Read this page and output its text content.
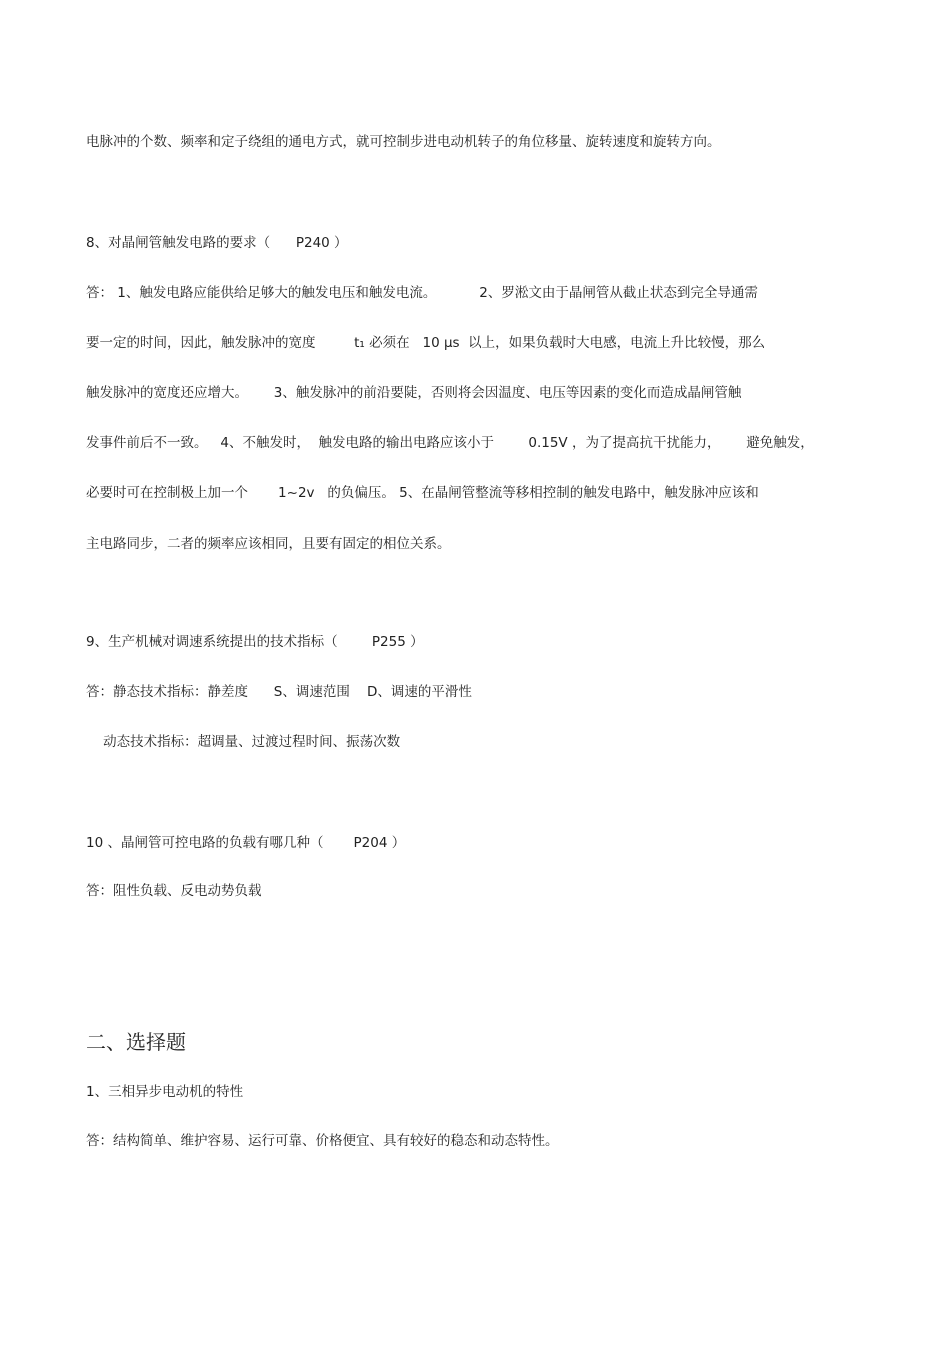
电脉冲的个数、频率和定子绕组的通电方式，就可控制步进电动机转子的角位移量、旋转速度和旋转方向。
8、对晶闸管触发电路的要求（      P240 ）
答： 1、触发电路应能供给足够大的触发电压和触发电流。          2、罗淞文由于晶闸管从截止状态到完全导通需
要一定的时间，因此，触发脉冲的宽度         t₁ 必须在   10 μs  以上，如果负载时大电感，电流上升比较慢，那么
触发脉冲的宽度还应增大。      3、触发脉冲的前沿要陡，否则将会因温度、电压等因素的变化而造成晶闸管触
发事件前后不一致。   4、不触发时，  触发电路的输出电路应该小于        0.15V ，为了提高抗干扰能力，      避免触发，
必要时可在控制极上加一个       1~2v   的负偏压。 5、在晶闸管整流等移相控制的触发电路中，触发脉冲应该和
主电路同步，二者的频率应该相同，且要有固定的相位关系。
9、生产机械对调速系统提出的技术指标（        P255 ）
答：静态技术指标：静差度      S、调速范围    D、调速的平滑性
动态技术指标：超调量、过渡过程时间、振荡次数
10 、晶闸管可控电路的负载有哪几种（       P204 ）
答：阻性负载、反电动势负载
二、选择题
1、三相异步电动机的特性
答：结构简单、维护容易、运行可靠、价格便宜、具有较好的稳态和动态特性。
